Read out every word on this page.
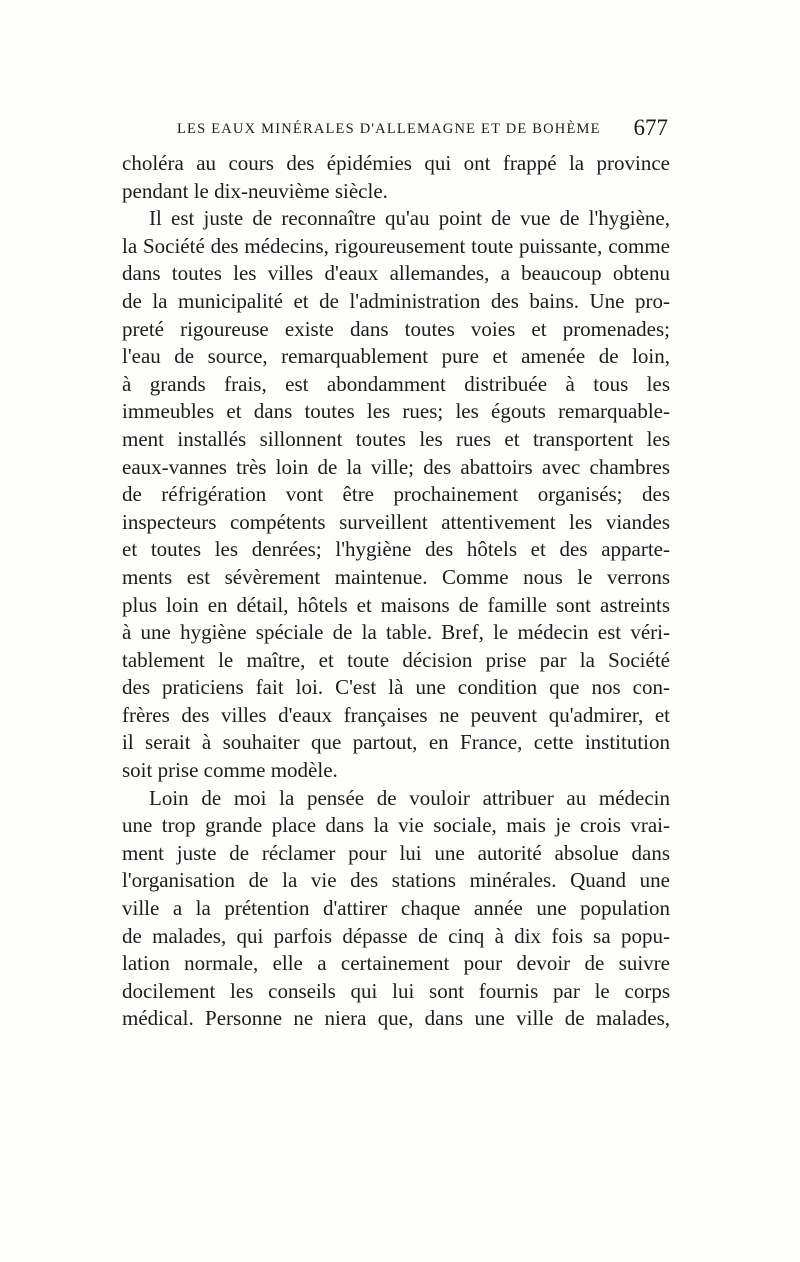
LES EAUX MINÉRALES D'ALLEMAGNE ET DE BOHÈME 677
choléra au cours des épidémies qui ont frappé la province
pendant le dix-neuvième siècle.
Il est juste de reconnaître qu'au point de vue de l'hygiène,
la Société des médecins, rigoureusement toute puissante, comme
dans toutes les villes d'eaux allemandes, a beaucoup obtenu
de la municipalité et de l'administration des bains. Une pro-
preté rigoureuse existe dans toutes voies et promenades;
l'eau de source, remarquablement pure et amenée de loin,
à grands frais, est abondamment distribuée à tous les
immeubles et dans toutes les rues; les égouts remarquable-
ment installés sillonnent toutes les rues et transportent les
eaux-vannes très loin de la ville; des abattoirs avec chambres
de réfrigération vont être prochainement organisés; des
inspecteurs compétents surveillent attentivement les viandes
et toutes les denrées; l'hygiène des hôtels et des apparte-
ments est sévèrement maintenue. Comme nous le verrons
plus loin en détail, hôtels et maisons de famille sont astreints
à une hygiène spéciale de la table. Bref, le médecin est véri-
tablement le maître, et toute décision prise par la Société
des praticiens fait loi. C'est là une condition que nos con-
frères des villes d'eaux françaises ne peuvent qu'admirer, et
il serait à souhaiter que partout, en France, cette institution
soit prise comme modèle.
Loin de moi la pensée de vouloir attribuer au médecin
une trop grande place dans la vie sociale, mais je crois vrai-
ment juste de réclamer pour lui une autorité absolue dans
l'organisation de la vie des stations minérales. Quand une
ville a la prétention d'attirer chaque année une population
de malades, qui parfois dépasse de cinq à dix fois sa popu-
lation normale, elle a certainement pour devoir de suivre
docilement les conseils qui lui sont fournis par le corps
médical. Personne ne niera que, dans une ville de malades,
